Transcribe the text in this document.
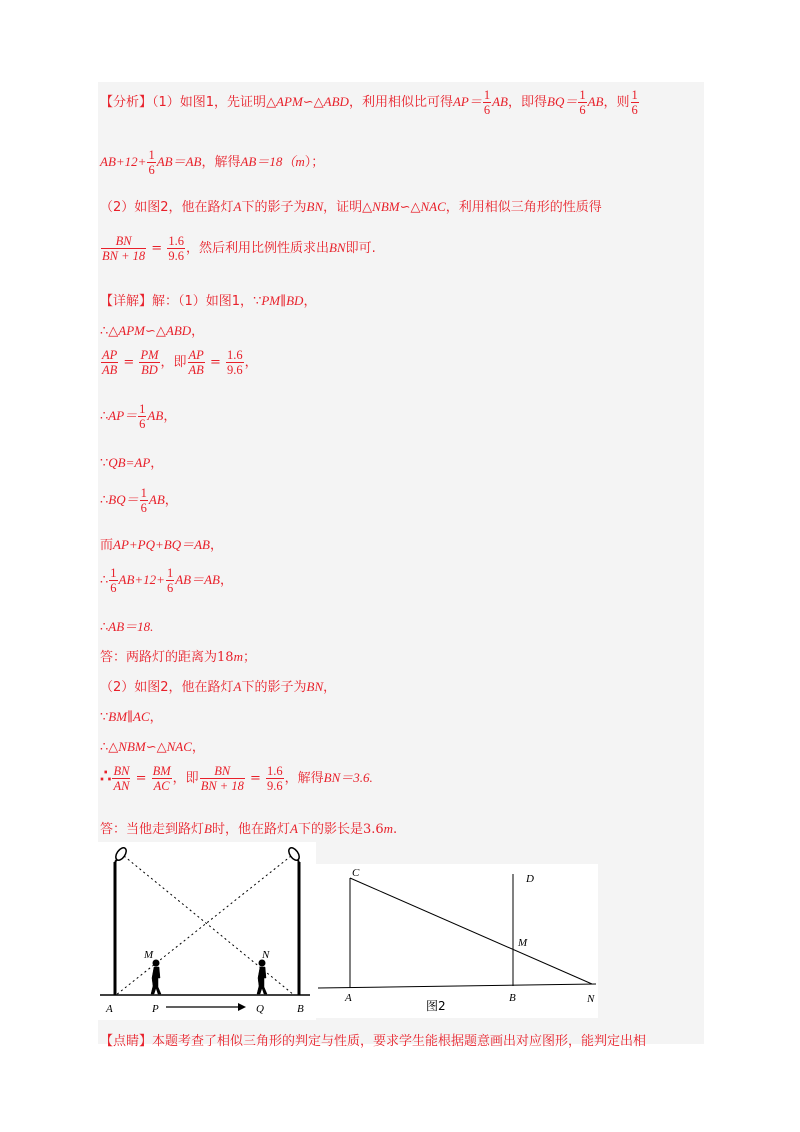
【分析】（1）如图1，先证明△APM∽△ABD，利用相似比可得$AP= \frac{1}{6}$ AB，即得$BQ= \frac{1}{6}$ AB，则 $\frac{1}{6}$
$AB+12+ \frac{1}{6} AB=AB$，解得AB＝18（m）；
（2）如图2，他在路灯A下的影子为BN，证明△NBM∽△NAC，利用相似三角形的性质得
$\frac{BN}{BN + 18} = \frac{1.6}{9.6}$ ，然后利用比例性质求出BN即可.
【详解】解：（1）如图1，∵PM∥BD，
∴△APM∽△ABD，
$\frac{AP}{AB} = \frac{PM}{BD}$ ，即 $\frac{AP}{AB} = \frac{1.6}{9.6}$ ，
∴AP＝ $\frac{1}{6}$ AB，
∵QB=AP，
∴BQ＝ $\frac{1}{6}$ AB，
而AP+PQ+BQ＝AB，
∴ $\frac{1}{6} AB+12+ \frac{1}{6} AB=AB$，
∴AB＝18.
答：两路灯的距离为18m；
（2）如图2，他在路灯A下的影子为BN，
∵BM∥AC，
∴△NBM∽△NAC，
∴ $\frac{BN}{AN} = \frac{BM}{AC}$ ，即 $\frac{BN}{BN + 18} = \frac{1.6}{9.6}$ ，解得BN＝3.6.
答：当他走到路灯B时，他在路灯A下的影长是3.6m.
M	N
A	P	Q	B
C	D
M
A	B	N
图2
【点睛】本题考查了相似三角形的判定与性质，要求学生能根据题意画出对应图形，能判定出相
